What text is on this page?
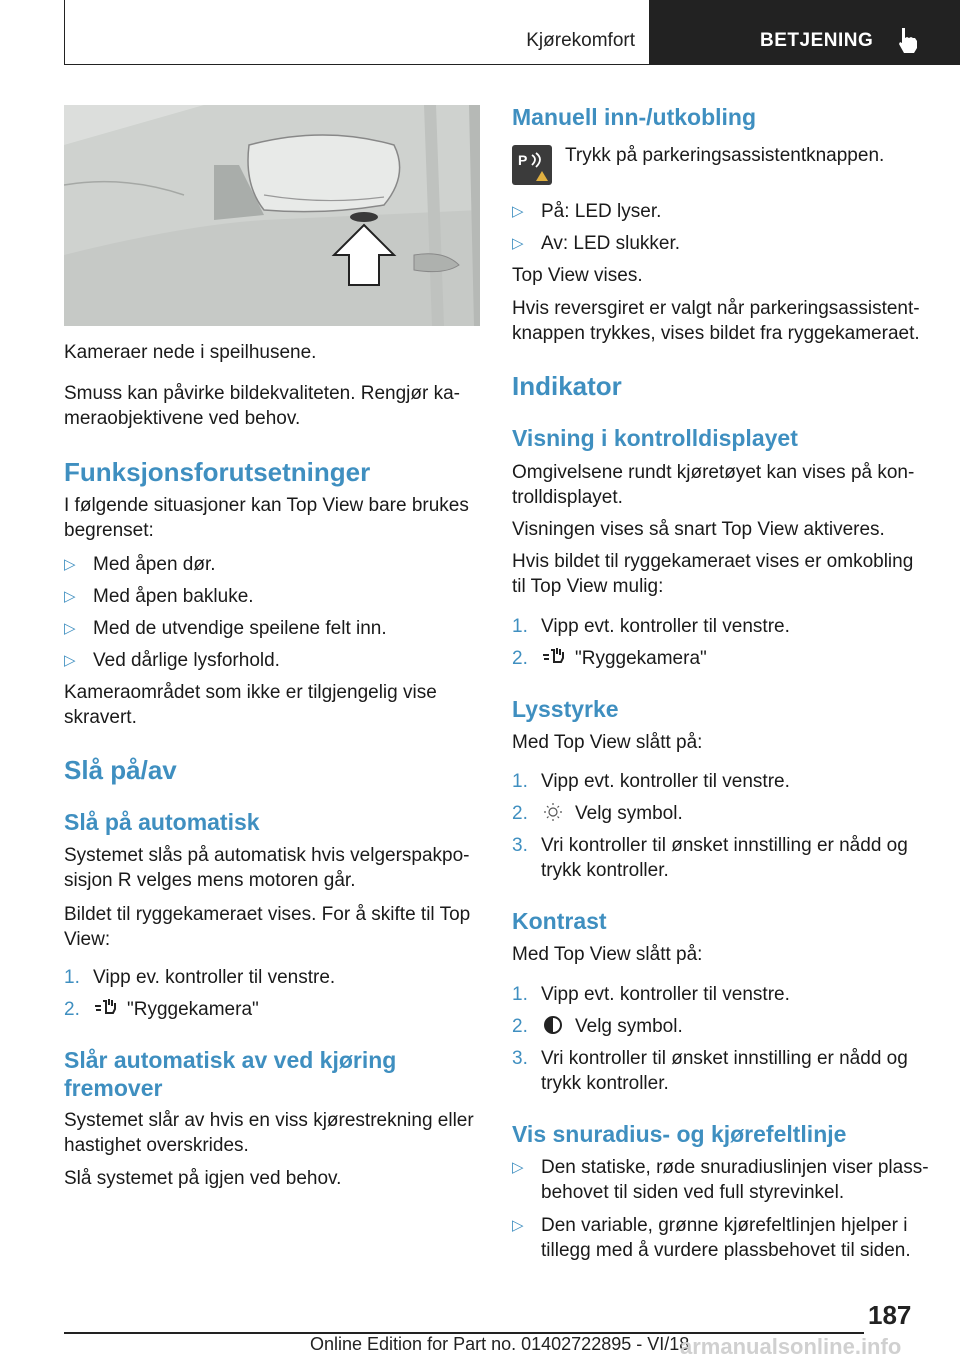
Kjørekomfort	BETJENING
Kameraer nede i speilhusene.
Smuss kan påvirke bildekvaliteten. Rengjør ka-
meraobjektivene ved behov.
Funksjonsforutsetninger
I følgende situasjoner kan Top View bare brukes
begrenset:
▷ Med åpen dør.
▷ Med åpen bakluke.
▷ Med de utvendige speilene felt inn.
▷ Ved dårlige lysforhold.
Kameraområdet som ikke er tilgjengelig vise
skravert.
Slå på/av
Slå på automatisk
Systemet slås på automatisk hvis velgerspakpo-
sisjon R velges mens motoren går.
Bildet til ryggekameraet vises. For å skifte til Top
View:
1. Vipp ev. kontroller til venstre.
2.	"Ryggekamera"
Slår automatisk av ved kjøring
fremover
Systemet slår av hvis en viss kjørestrekning eller
hastighet overskrides.
Slå systemet på igjen ved behov.
Manuell inn-/utkobling
P Trykk på parkeringsassistentknappen.
▷ På: LED lyser.
▷ Av: LED slukker.
Top View vises.
Hvis reversgiret er valgt når parkeringsassistent-
knappen trykkes, vises bildet fra ryggekameraet.
Indikator
Visning i kontrolldisplayet
Omgivelsene rundt kjøretøyet kan vises på kon-
trolldisplayet.
Visningen vises så snart Top View aktiveres.
Hvis bildet til ryggekameraet vises er omkobling
til Top View mulig:
1. Vipp evt. kontroller til venstre.
2.	"Ryggekamera"
Lysstyrke
Med Top View slått på:
1. Vipp evt. kontroller til venstre.
2.	Velg symbol.
3. Vri kontroller til ønsket innstilling er nådd og
trykk kontroller.
Kontrast
Med Top View slått på:
1. Vipp evt. kontroller til venstre.
2.	Velg symbol.
3. Vri kontroller til ønsket innstilling er nådd og
trykk kontroller.
Vis snuradius- og kjørefeltlinje
▷ Den statiske, røde snuradiuslinjen viser plass-
behovet til siden ved full styrevinkel.
▷ Den variable, grønne kjørefeltlinjen hjelper i
tillegg med å vurdere plassbehovet til siden.
187
Online Edition for Part no. 01402722895 - VI/18
armanualsonline.info
